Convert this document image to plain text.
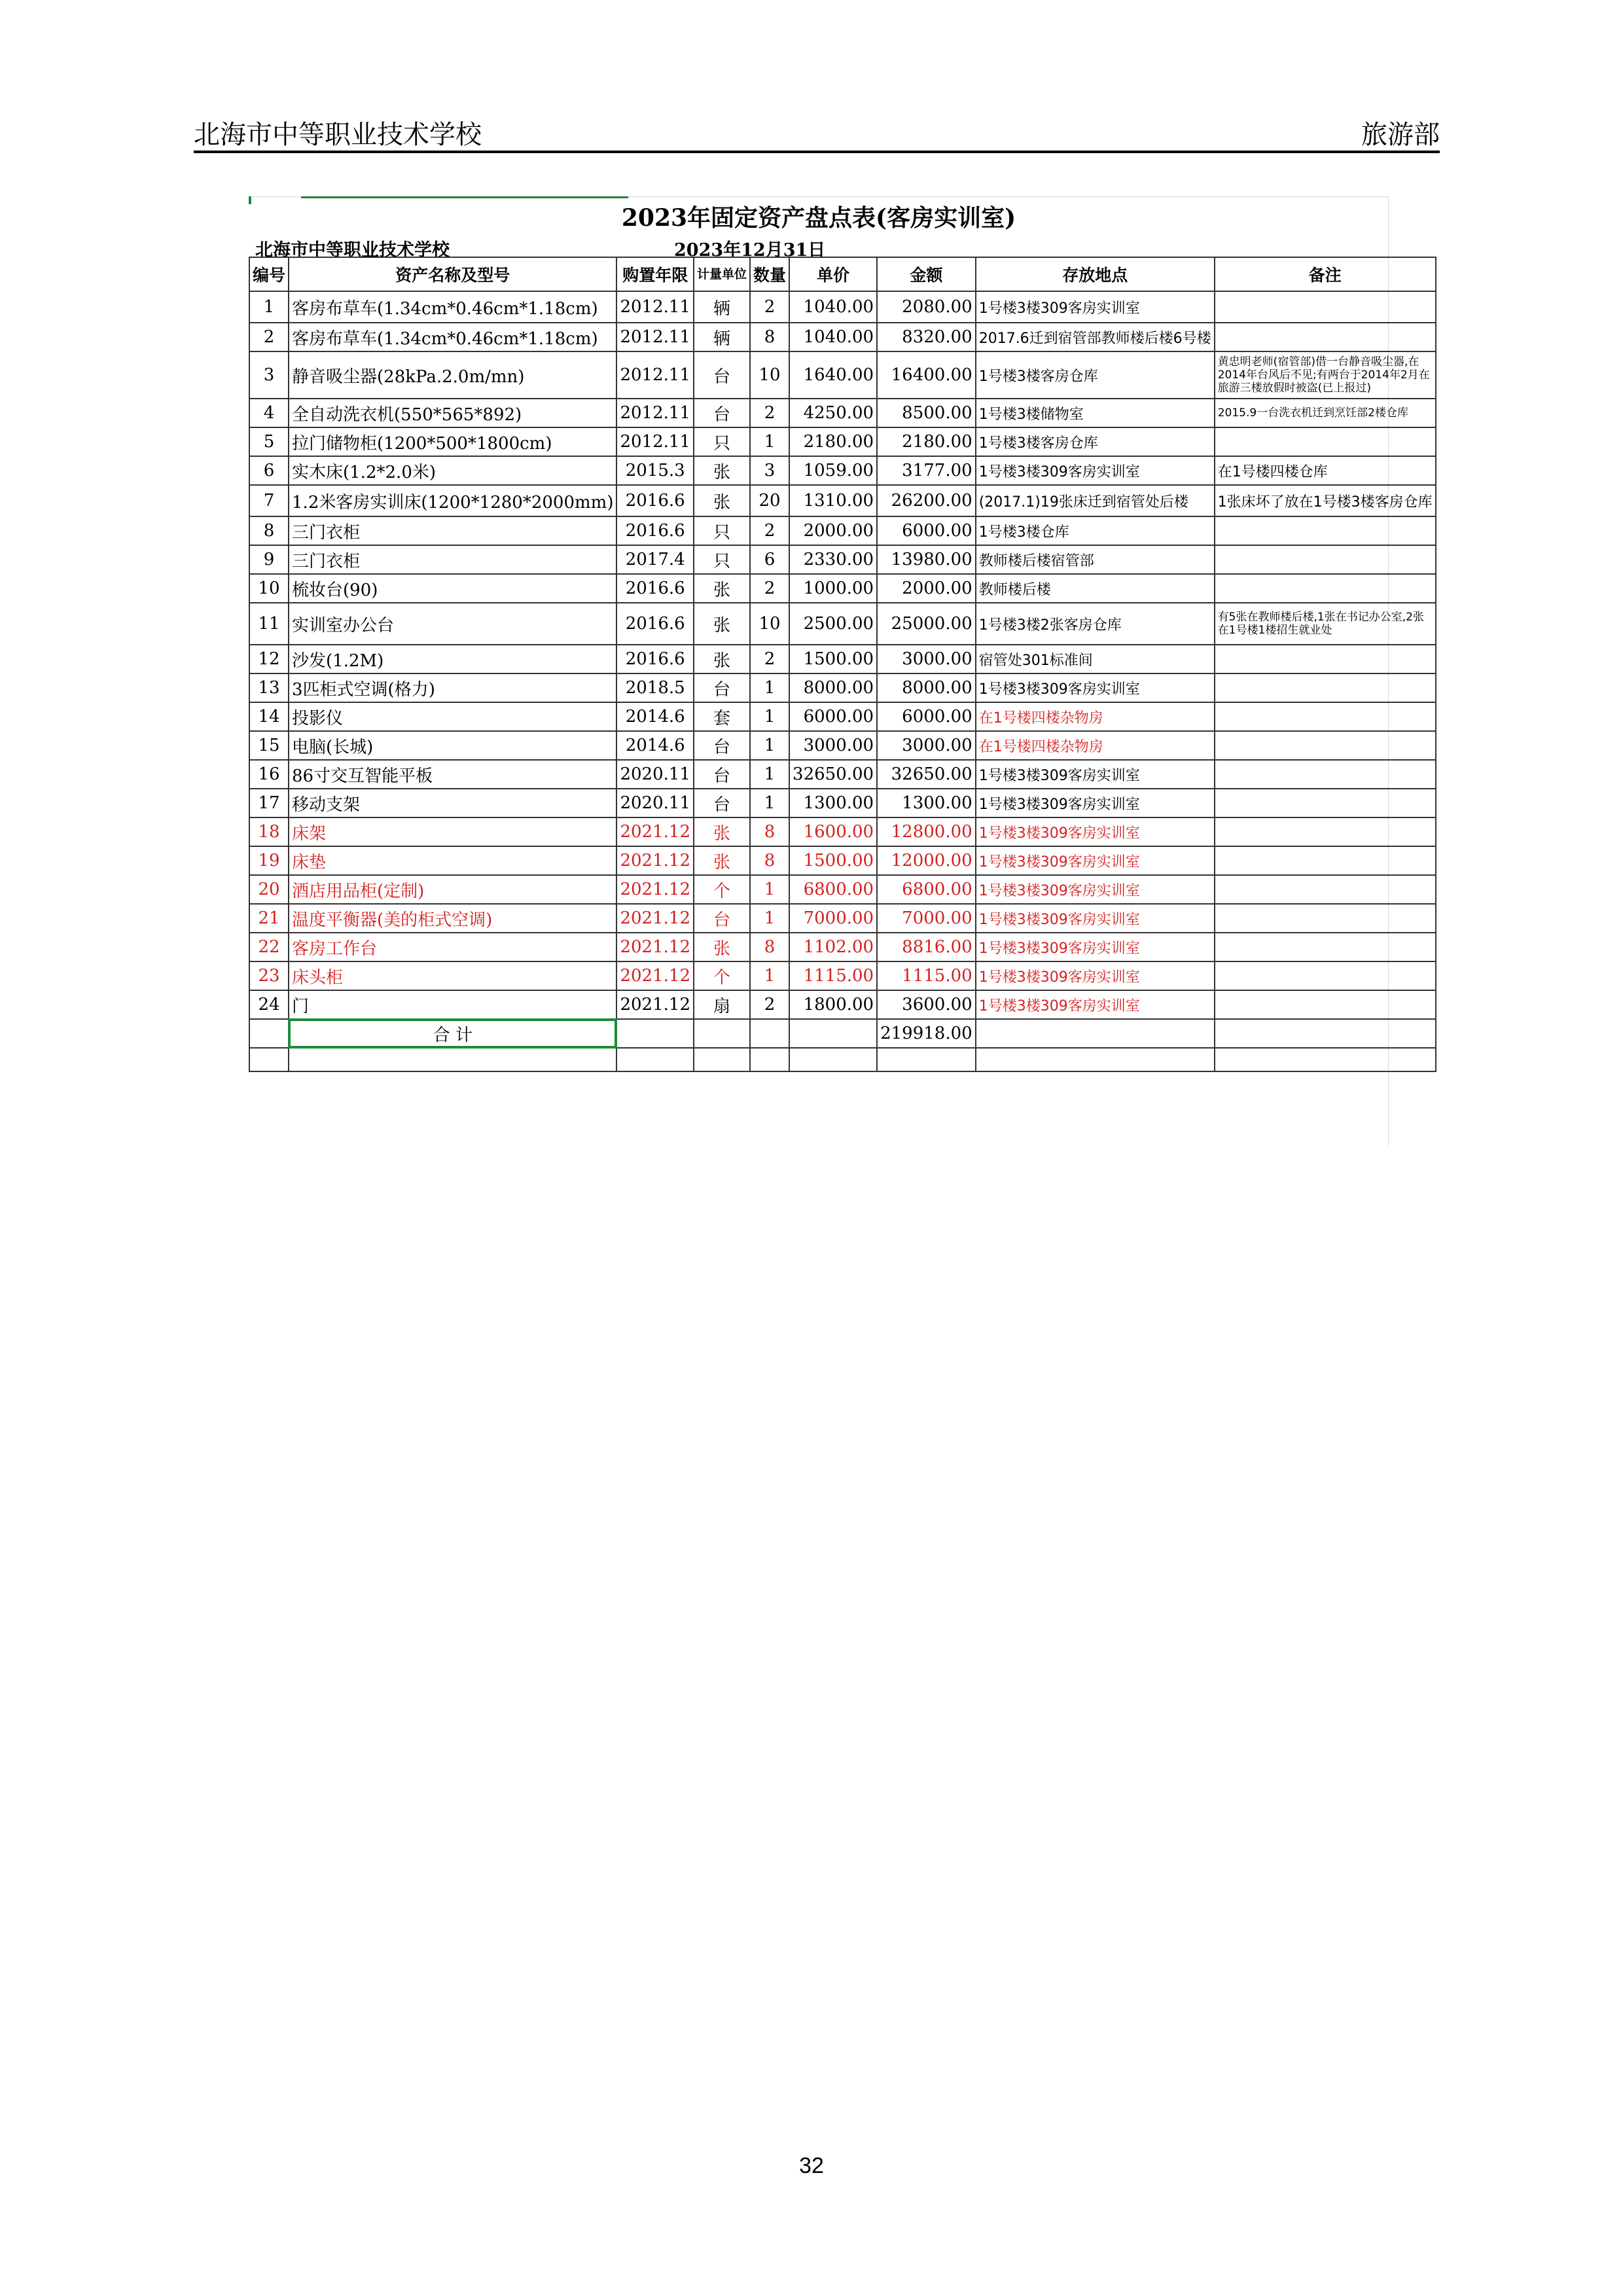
北海市中等职业技术学校	旅游部
2023年固定资产盘点表(客房实训室)
北海市中等职业技术学校	2023年12月31日
编号	资产名称及型号	购置年限	计量单位	数量	单价	金额	存放地点	备注
1	客房布草车(1.34cm*0.46cm*1.18cm)	2012.11	辆	2	1040.00	2080.00	1号楼3楼309客房实训室	
2	客房布草车(1.34cm*0.46cm*1.18cm)	2012.11	辆	8	1040.00	8320.00	2017.6迁到宿管部教师楼后楼6号楼	
3	静音吸尘器(28kPa.2.0m/mn)	2012.11	台	10	1640.00	16400.00	1号楼3楼客房仓库	黄忠明老师(宿管部)借一台静音吸尘器,在2014年台风后不见;有两台于2014年2月在旅游三楼放假时被盗(已上报过)
4	全自动洗衣机(550*565*892)	2012.11	台	2	4250.00	8500.00	1号楼3楼储物室	2015.9一台洗衣机迁到烹饪部2楼仓库
5	拉门储物柜(1200*500*1800cm)	2012.11	只	1	2180.00	2180.00	1号楼3楼客房仓库	
6	实木床(1.2*2.0米)	2015.3	张	3	1059.00	3177.00	1号楼3楼309客房实训室	在1号楼四楼仓库
7	1.2米客房实训床(1200*1280*2000mm)	2016.6	张	20	1310.00	26200.00	(2017.1)19张床迁到宿管处后楼	1张床坏了放在1号楼3楼客房仓库
8	三门衣柜	2016.6	只	2	2000.00	6000.00	1号楼3楼仓库	
9	三门衣柜	2017.4	只	6	2330.00	13980.00	教师楼后楼宿管部	
10	梳妆台(90)	2016.6	张	2	1000.00	2000.00	教师楼后楼	
11	实训室办公台	2016.6	张	10	2500.00	25000.00	1号楼3楼2张客房仓库	有5张在教师楼后楼,1张在书记办公室,2张在1号楼1楼招生就业处
12	沙发(1.2M)	2016.6	张	2	1500.00	3000.00	宿管处301标准间	
13	3匹柜式空调(格力)	2018.5	台	1	8000.00	8000.00	1号楼3楼309客房实训室	
14	投影仪	2014.6	套	1	6000.00	6000.00	在1号楼四楼杂物房	
15	电脑(长城)	2014.6	台	1	3000.00	3000.00	在1号楼四楼杂物房	
16	86寸交互智能平板	2020.11	台	1	32650.00	32650.00	1号楼3楼309客房实训室	
17	移动支架	2020.11	台	1	1300.00	1300.00	1号楼3楼309客房实训室	
18	床架	2021.12	张	8	1600.00	12800.00	1号楼3楼309客房实训室	
19	床垫	2021.12	张	8	1500.00	12000.00	1号楼3楼309客房实训室	
20	酒店用品柜(定制)	2021.12	个	1	6800.00	6800.00	1号楼3楼309客房实训室	
21	温度平衡器(美的柜式空调)	2021.12	台	1	7000.00	7000.00	1号楼3楼309客房实训室	
22	客房工作台	2021.12	张	8	1102.00	8816.00	1号楼3楼309客房实训室	
23	床头柜	2021.12	个	1	1115.00	1115.00	1号楼3楼309客房实训室	
24	门	2021.12	扇	2	1800.00	3600.00	1号楼3楼309客房实训室	
	合 计					219918.00		

32
